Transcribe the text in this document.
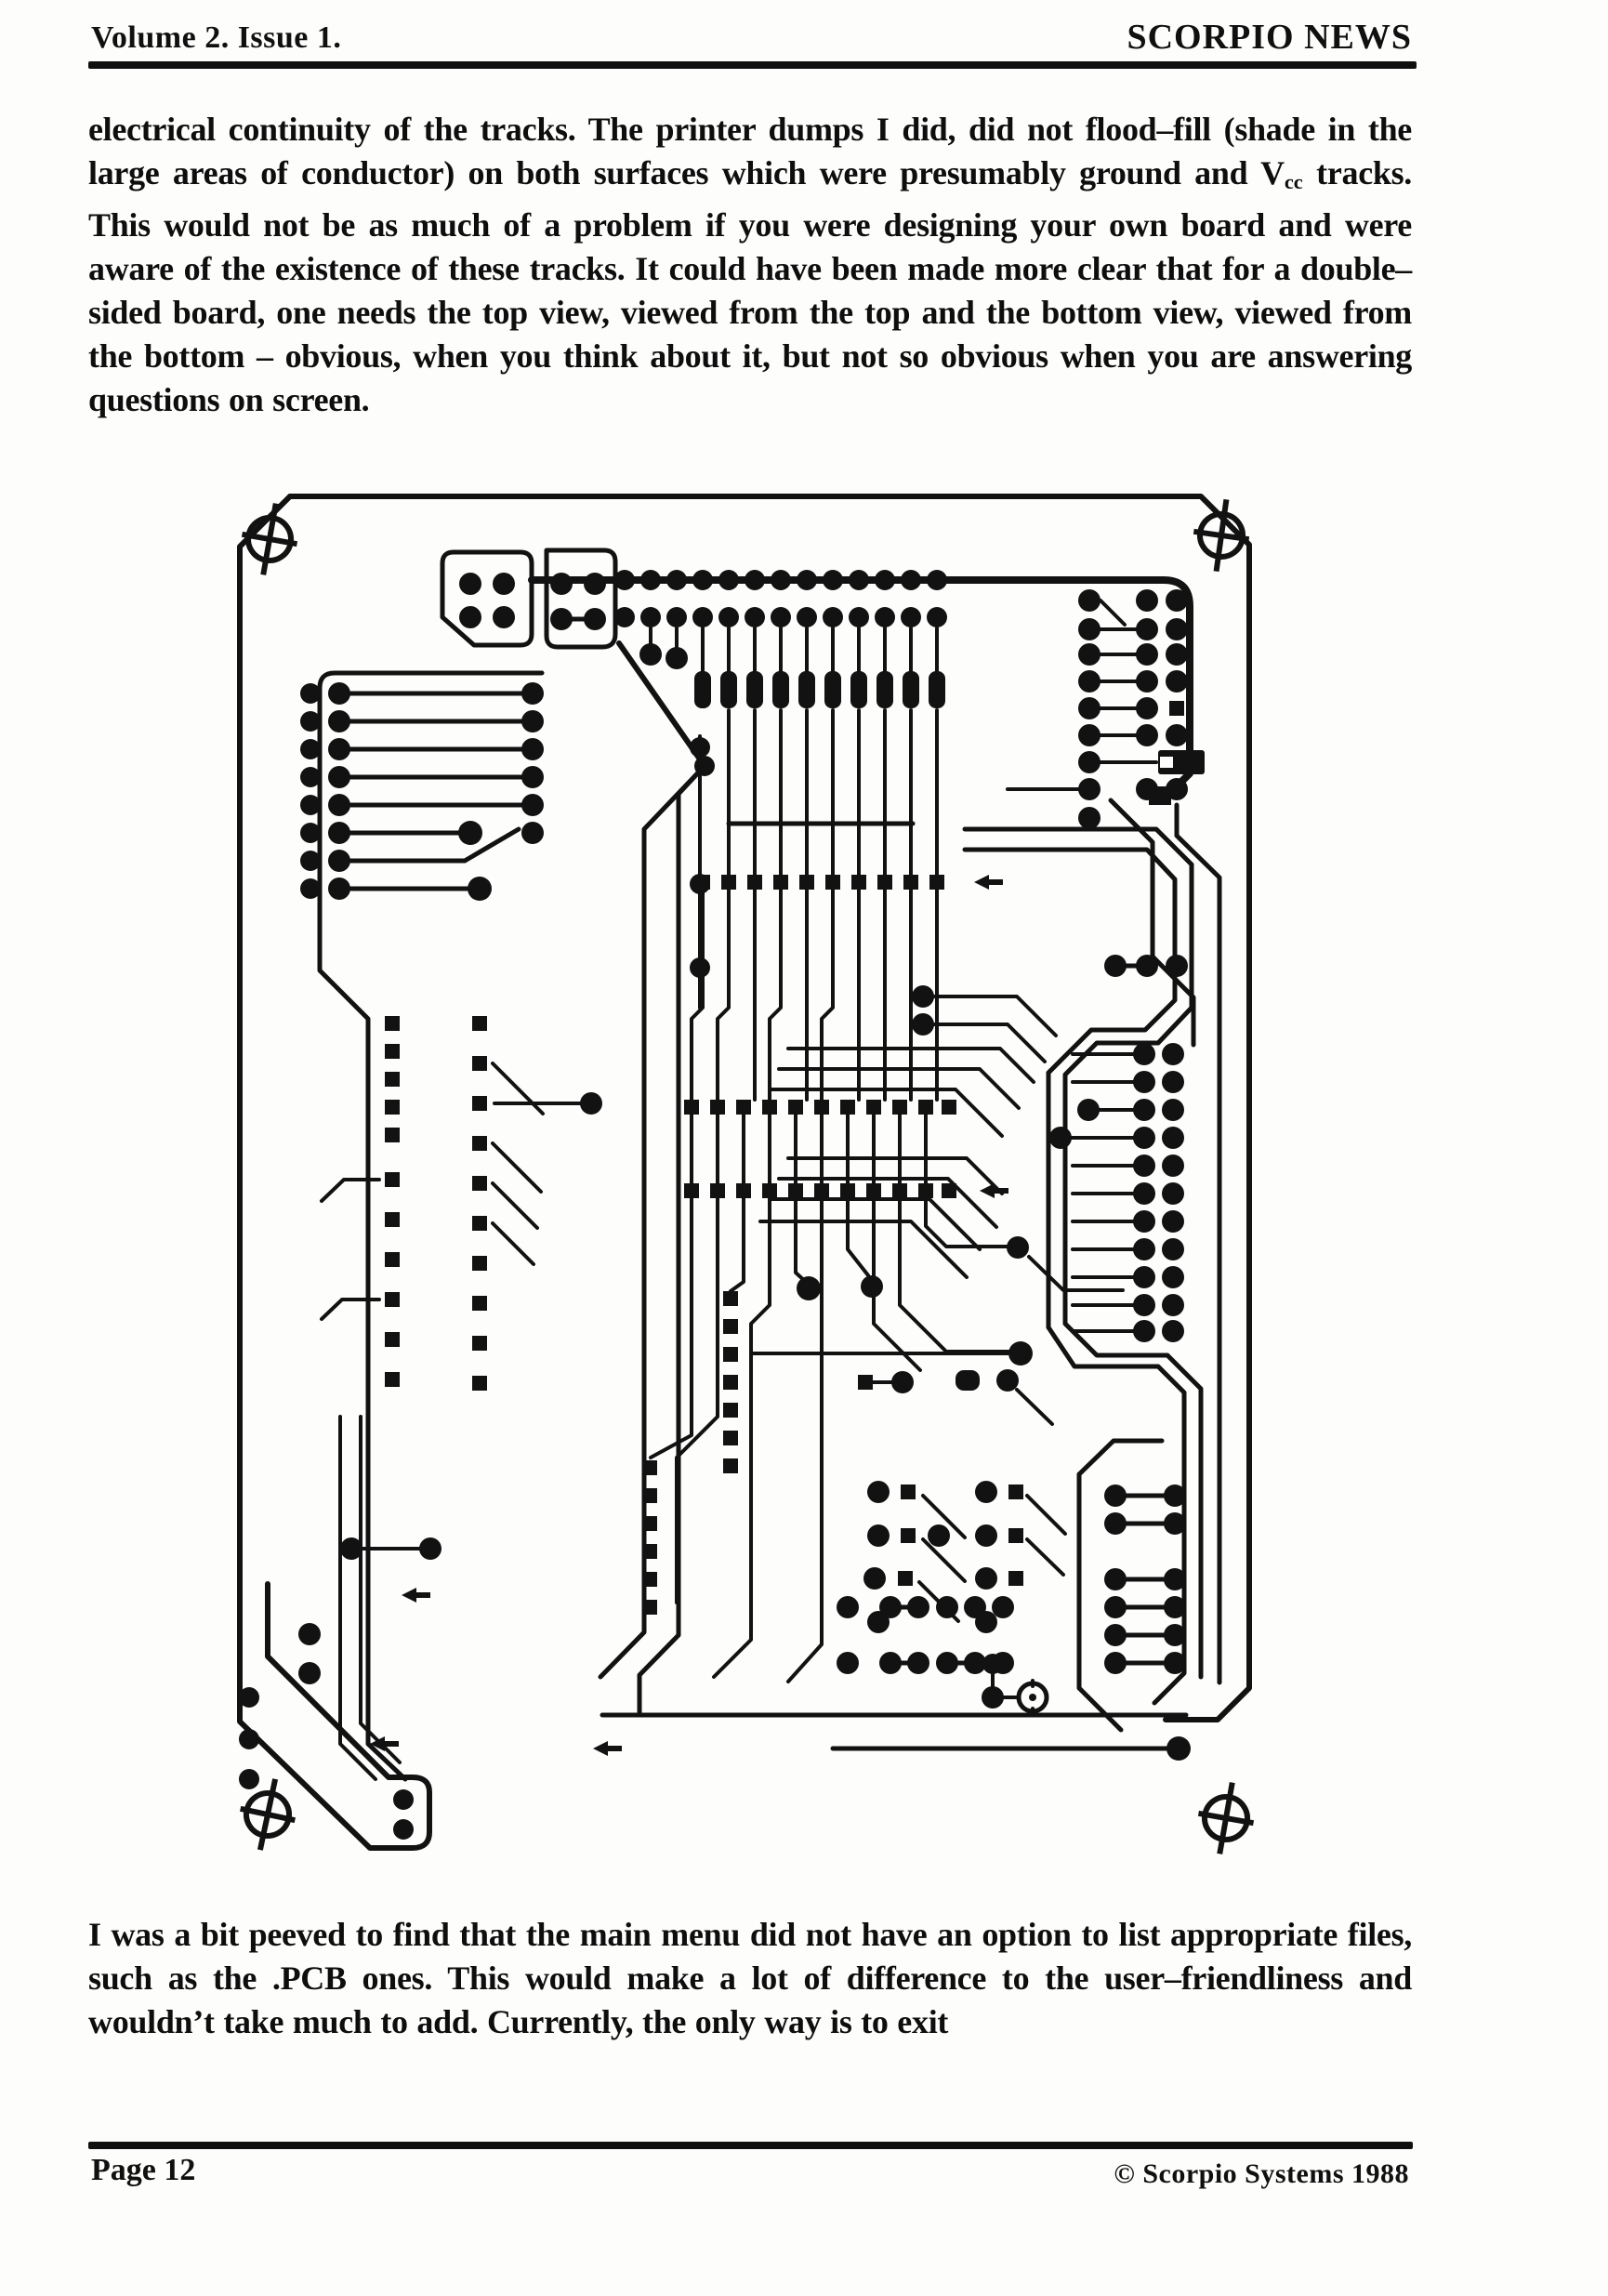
Volume 2. Issue 1.	SCORPIO NEWS
electrical continuity of the tracks. The printer dumps I did, did not flood–fill (shade in the large areas of conductor) on both surfaces which were presumably ground and $V_{cc}$ tracks. This would not be as much of a problem if you were designing your own board and were aware of the existence of these tracks. It could have been made more clear that for a double–sided board, one needs the top view, viewed from the top and the bottom view, viewed from the bottom – obvious, when you think about it, but not so obvious when you are answering questions on screen.
I was a bit peeved to find that the main menu did not have an option to list appropriate files, such as the .PCB ones. This would make a lot of difference to the user–friendliness and wouldn’t take much to add. Currently, the only way is to exit
Page 12	© Scorpio Systems 1988
